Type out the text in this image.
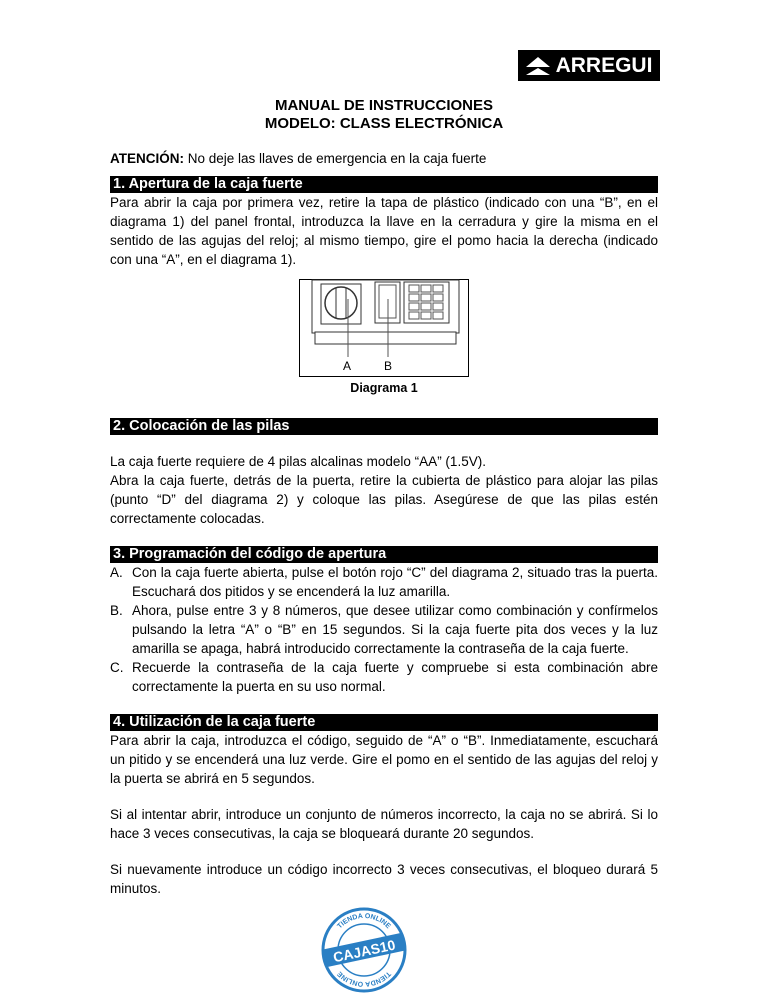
ARREGUI
MANUAL DE INSTRUCCIONES
MODELO: CLASS ELECTRÓNICA

ATENCIÓN: No deje las llaves de emergencia en la caja fuerte

1. Apertura de la caja fuerte

Para abrir la caja por primera vez, retire la tapa de plástico (indicado con una “B”, en el diagrama 1) del panel frontal, introduzca la llave en la cerradura y gire la misma en el sentido de las agujas del reloj; al mismo tiempo, gire el pomo hacia la derecha (indicado con una “A”, en el diagrama 1).

A	B
Diagrama 1
2. Colocación de las pilas

La caja fuerte requiere de 4 pilas alcalinas modelo “AA” (1.5V).

Abra la caja fuerte, detrás de la puerta, retire la cubierta de plástico para alojar las pilas (punto “D” del diagrama 2) y coloque las pilas. Asegúrese de que las pilas estén correctamente colocadas.

3. Programación del código de apertura
A. Con la caja fuerte abierta, pulse el botón rojo “C” del diagrama 2, situado tras la puerta. Escuchará dos pitidos y se encenderá la luz amarilla.
B. Ahora, pulse entre 3 y 8 números, que desee utilizar como combinación y confírmelos pulsando la letra “A” o “B” en 15 segundos. Si la caja fuerte pita dos veces y la luz amarilla se apaga, habrá introducido correctamente la contraseña de la caja fuerte.
C. Recuerde la contraseña de la caja fuerte y compruebe si esta combinación abre correctamente la puerta en su uso normal.
4. Utilización de la caja fuerte

Para abrir la caja, introduzca el código, seguido de “A” o “B”. Inmediatamente, escuchará un pitido y se encenderá una luz verde. Gire el pomo en el sentido de las agujas del reloj y la puerta se abrirá en 5 segundos.

Si al intentar abrir, introduce un conjunto de números incorrecto, la caja no se abrirá. Si lo hace 3 veces consecutivas, la caja se bloqueará durante 20 segundos.

Si nuevamente introduce un código incorrecto 3 veces consecutivas, el bloqueo durará 5 minutos.

TIENDA ONLINE
TIENDA ONLINE
CAJAS10
